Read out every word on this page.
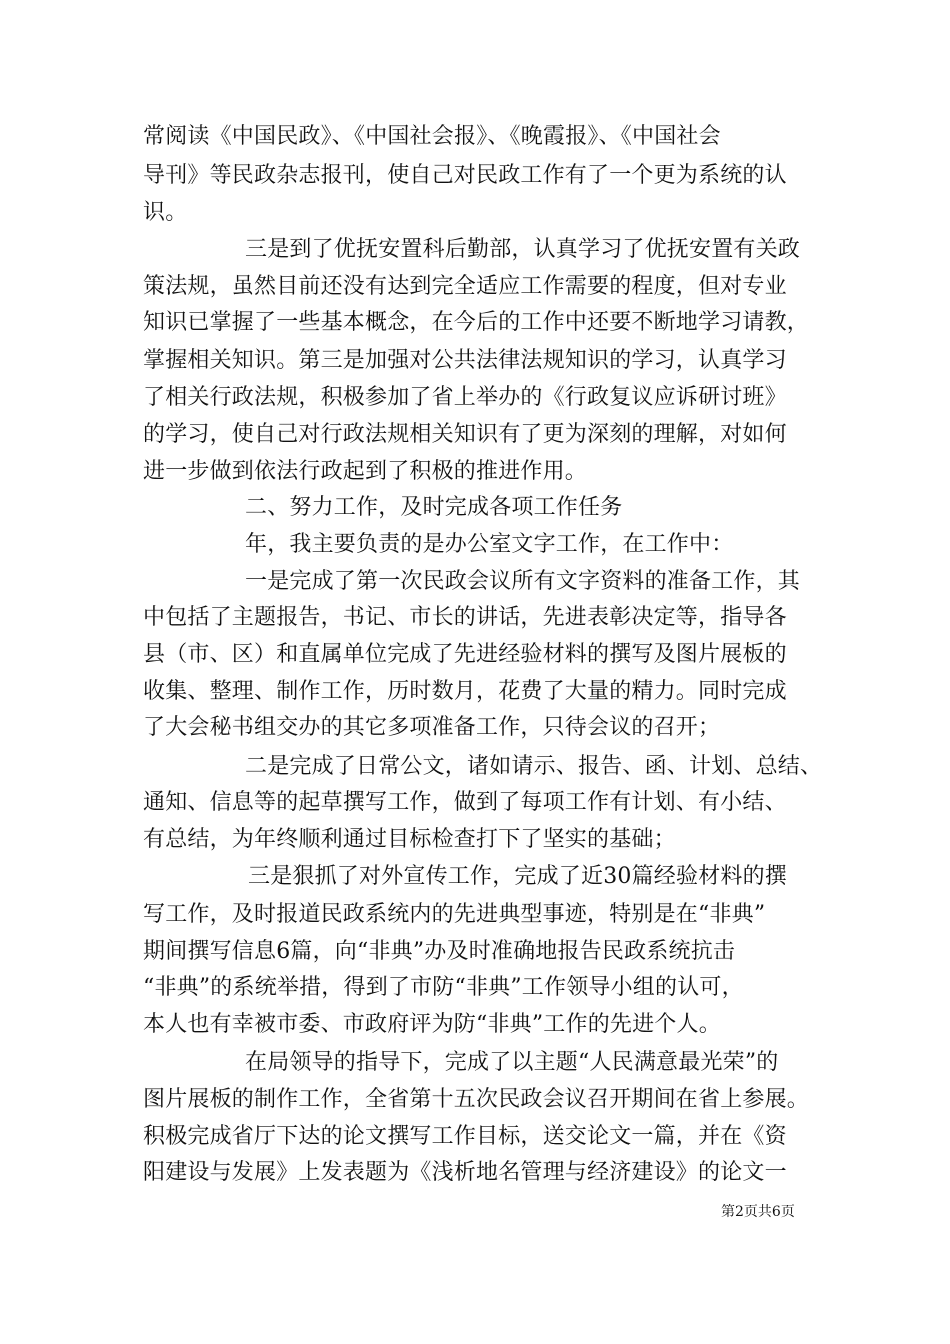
常阅读《中国民政》、《中国社会报》、《晚霞报》、《中国社会
导刊》等民政杂志报刊，使自己对民政工作有了一个更为系统的认
识。
三是到了优抚安置科后勤部，认真学习了优抚安置有关政
策法规，虽然目前还没有达到完全适应工作需要的程度，但对专业
知识已掌握了一些基本概念，在今后的工作中还要不断地学习请教，
掌握相关知识。第三是加强对公共法律法规知识的学习，认真学习
了相关行政法规，积极参加了省上举办的《行政复议应诉研讨班》
的学习，使自己对行政法规相关知识有了更为深刻的理解，对如何
进一步做到依法行政起到了积极的推进作用。
二、努力工作，及时完成各项工作任务
年，我主要负责的是办公室文字工作，在工作中：
一是完成了第一次民政会议所有文字资料的准备工作，其
中包括了主题报告，书记、市长的讲话，先进表彰决定等，指导各
县（市、区）和直属单位完成了先进经验材料的撰写及图片展板的
收集、整理、制作工作，历时数月，花费了大量的精力。同时完成
了大会秘书组交办的其它多项准备工作，只待会议的召开；
二是完成了日常公文，诸如请示、报告、函、计划、总结、
通知、信息等的起草撰写工作，做到了每项工作有计划、有小结、
有总结，为年终顺利通过目标检查打下了坚实的基础；
三是狠抓了对外宣传工作，完成了近30篇经验材料的撰
写工作，及时报道民政系统内的先进典型事迹，特别是在“非典”
期间撰写信息6篇，向“非典”办及时准确地报告民政系统抗击
“非典”的系统举措，得到了市防“非典”工作领导小组的认可，
本人也有幸被市委、市政府评为防“非典”工作的先进个人。
在局领导的指导下，完成了以主题“人民满意最光荣”的
图片展板的制作工作，全省第十五次民政会议召开期间在省上参展。
积极完成省厅下达的论文撰写工作目标，送交论文一篇，并在《资
阳建设与发展》上发表题为《浅析地名管理与经济建设》的论文一
第2页共6页
